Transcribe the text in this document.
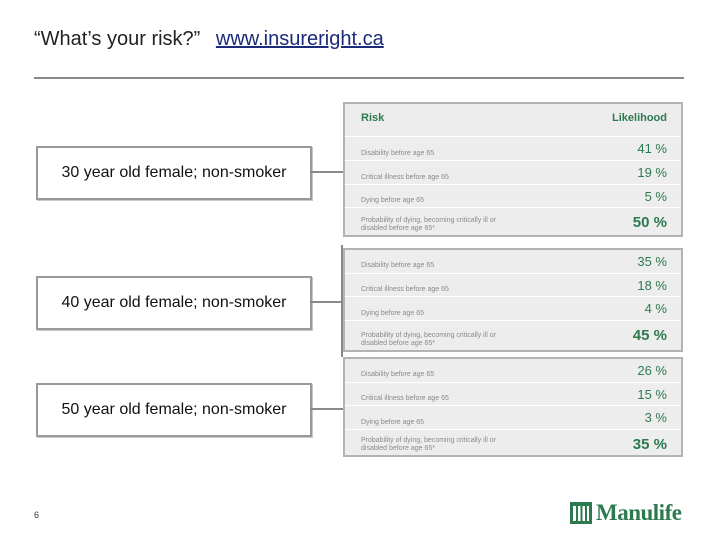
“What’s your risk?” www.insureright.ca
30 year old female; non-smoker
40 year old female; non-smoker
50 year old female; non-smoker
Risk	Likelihood
Disability before age 65	41 %
Critical illness before age 65	19 %
Dying before age 65	5 %
Probability of dying, becoming critically ill or disabled before age 65*	50 %
Disability before age 65	35 %
Critical illness before age 65	18 %
Dying before age 65	4 %
Probability of dying, becoming critically ill or disabled before age 65*	45 %
Disability before age 65	26 %
Critical illness before age 65	15 %
Dying before age 65	3 %
Probability of dying, becoming critically ill or disabled before age 65*	35 %
6	Manulife
